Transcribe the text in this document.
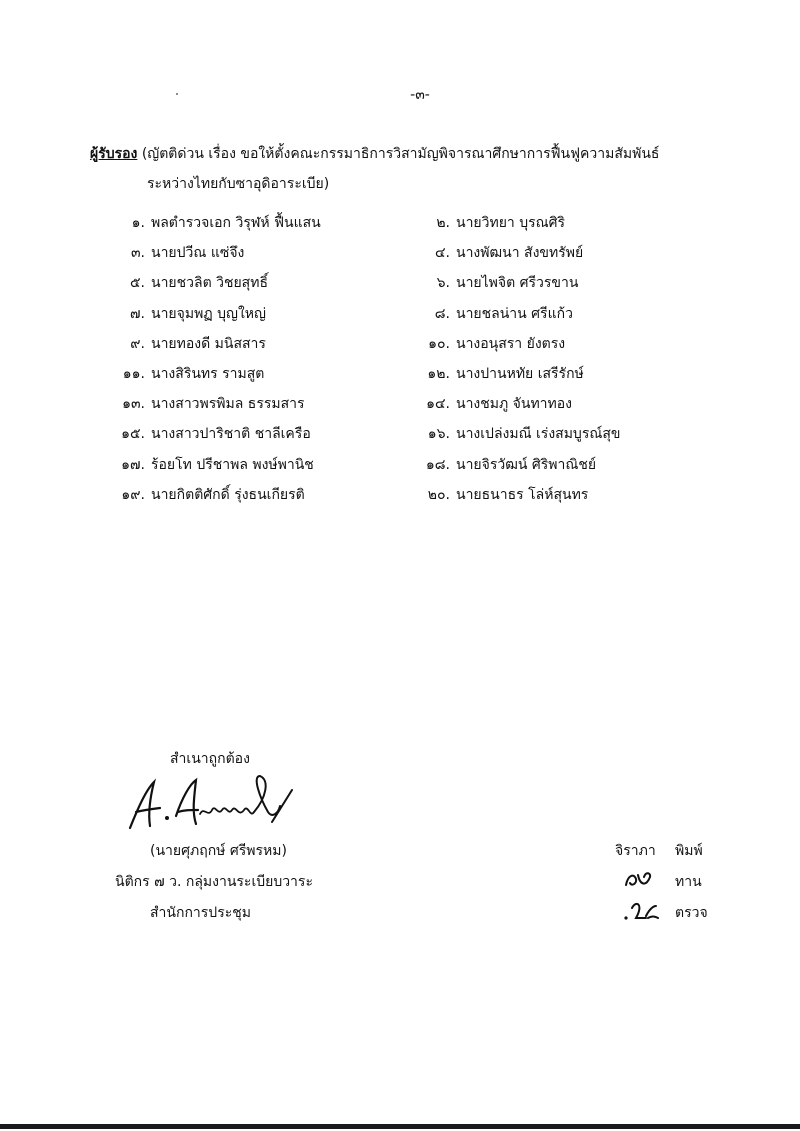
-๓-
ผู้รับรอง (ญัตติด่วน เรื่อง ขอให้ตั้งคณะกรรมาธิการวิสามัญพิจารณาศึกษาการฟื้นฟูความสัมพันธ์
ระหว่างไทยกับซาอุดิอาระเบีย)
๑. พลตำรวจเอก วิรุฬห์ ฟื้นแสน	๒. นายวิทยา บุรณศิริ
๓. นายปวีณ แซ่จึง	๔. นางพัฒนา สังขทรัพย์
๕. นายชวลิต วิชยสุทธิ์	๖. นายไพจิต ศรีวรขาน
๗. นายจุมพฏ บุญใหญ่	๘. นายชลน่าน ศรีแก้ว
๙. นายทองดี มนิสสาร	๑๐. นางอนุสรา ยังตรง
๑๑. นางสิรินทร รามสูต	๑๒. นางปานหทัย เสรีรักษ์
๑๓. นางสาวพรพิมล ธรรมสาร	๑๔. นางชมภู จันทาทอง
๑๕. นางสาวปาริชาติ ชาลีเครือ	๑๖. นางเปล่งมณี เร่งสมบูรณ์สุข
๑๗. ร้อยโท ปรีชาพล พงษ์พานิช	๑๘. นายจิรวัฒน์ ศิริพาณิชย์
๑๙. นายกิตติศักดิ์ รุ่งธนเกียรติ	๒๐. นายธนาธร โล่ห์สุนทร
สำเนาถูกต้อง
(นายศุภฤกษ์ ศรีพรหม)
นิติกร ๗ ว. กลุ่มงานระเบียบวาระ
สำนักการประชุม
จิราภา พิมพ์
ทาน
ตรวจ
